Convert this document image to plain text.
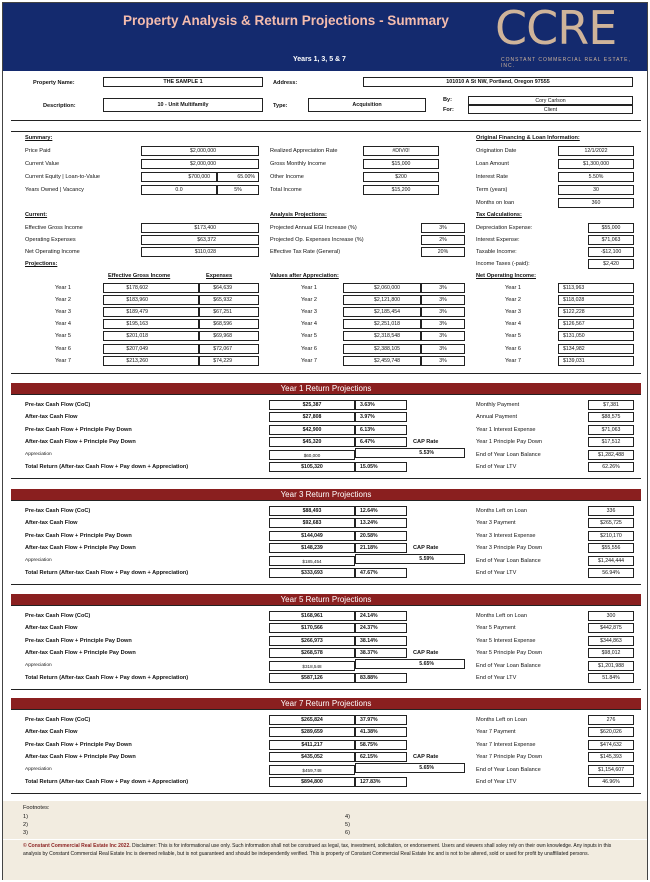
Property Analysis & Return Projections - Summary
Years 1, 3, 5 & 7
CCRE
CONSTANT COMMERCIAL REAL ESTATE, INC.
Property Name:	THE SAMPLE 1	Address:	101010 A St NW, Portland, Oregon 97555
Description:	10 - Unit Multifamily	Type:	Acquisition
By:	Cory Carlson
For:	Client
Summary:
Price Paid	$2,000,000
Current Value	$2,000,000
Current Equity | Loan-to-Value	$700,000	65.00%
Years Owned | Vacancy	0.0	5%
Realized Appreciation Rate	#DIV/0!
Gross Monthly Income	$15,000
Other Income	$200
Total Income	$15,200
Original Financing & Loan Information:
Origination Date	12/1/2022
Loan Amount	$1,300,000
Interest Rate	5.50%
Term (years)	30
Months on loan	360
Current:
Effective Gross Income	$173,400
Operating Expenses	$63,372
Net Operating Income	$110,028
Analysis Projections:
Projected Annual EGI Increase (%)	3%
Projected Op. Expenses Increase (%)	2%
Effective Tax Rate (General)	20%
Tax Calculations:
Depreciation Expense:	$55,000
Interest Expense:	$71,063
Taxable Income:	-$12,100
Income Taxes (-paid):	$2,420
Projections:
Effective Gross Income	Expenses	Values after Appreciation:	Net Operating Income:
Year 1	$178,602	$64,639	Year 1	$2,060,000	3%	Year 1	$113,963
Year 2	$183,960	$65,932	Year 2	$2,121,800	3%	Year 2	$118,028
Year 3	$189,479	$67,251	Year 3	$2,185,454	3%	Year 3	$122,228
Year 4	$195,163	$68,596	Year 4	$2,251,018	3%	Year 4	$126,567
Year 5	$201,018	$69,968	Year 5	$2,318,548	3%	Year 5	$131,050
Year 6	$207,049	$72,067	Year 6	$2,388,105	3%	Year 6	$134,982
Year 7	$213,260	$74,229	Year 7	$2,459,748	3%	Year 7	$139,031
Year 1 Return Projections
Pre-tax Cash Flow (CoC)	$25,387	3.63%	Monthly Payment	$7,381
After-tax Cash Flow	$27,808	3.97%	Annual Payment	$88,575
Pre-tax Cash Flow + Principle Pay Down	$42,900	6.13%	Year 1 Interest Expense	$71,063
After-tax Cash Flow + Principle Pay Down	$45,320	6.47%	Year 1 Principle Pay Down	$17,512
Appreciation	$60,000	End of Year Loan Balance	$1,282,488
Total Return (After-tax Cash Flow + Pay down + Appreciation)	$105,320	15.05%	End of Year LTV	62.26%
CAP Rate
5.53%
Year 3 Return Projections
Pre-tax Cash Flow (CoC)	$88,493	12.64%	Months Left on Loan	336
After-tax Cash Flow	$92,683	13.24%	Year 3 Payment	$265,725
Pre-tax Cash Flow + Principle Pay Down	$144,049	20.58%	Year 3 Interest Expense	$210,170
After-tax Cash Flow + Principle Pay Down	$148,239	21.18%	Year 3 Principle Pay Down	$55,556
Appreciation	$185,454	End of Year Loan Balance	$1,244,444
Total Return (After-tax Cash Flow + Pay down + Appreciation)	$333,693	47.67%	End of Year LTV	56.94%
CAP Rate
5.59%
Year 5 Return Projections
Pre-tax Cash Flow (CoC)	$168,961	24.14%	Months Left on Loan	300
After-tax Cash Flow	$170,566	24.37%	Year 5 Payment	$442,875
Pre-tax Cash Flow + Principle Pay Down	$266,973	38.14%	Year 5 Interest Expense	$344,863
After-tax Cash Flow + Principle Pay Down	$268,578	38.37%	Year 5 Principle Pay Down	$98,012
Appreciation	$318,548	End of Year Loan Balance	$1,201,988
Total Return (After-tax Cash Flow + Pay down + Appreciation)	$587,126	83.88%	End of Year LTV	51.84%
CAP Rate
5.65%
Year 7 Return Projections
Pre-tax Cash Flow (CoC)	$265,824	37.97%	Months Left on Loan	276
After-tax Cash Flow	$289,659	41.38%	Year 7 Payment	$620,026
Pre-tax Cash Flow + Principle Pay Down	$411,217	58.75%	Year 7 Interest Expense	$474,632
After-tax Cash Flow + Principle Pay Down	$435,052	62.15%	Year 7 Principle Pay Down	$145,393
Appreciation	$459,748	End of Year Loan Balance	$1,154,607
Total Return (After-tax Cash Flow + Pay down + Appreciation)	$894,800	127.83%	End of Year LTV	46.96%
CAP Rate
5.65%
Footnotes:
1)
2)
3)
4)
5)
6)
© Constant Commercial Real Estate Inc 2022. Disclaimer: This is for informational use only. Such information shall not be construed as legal, tax, investment, solicitation, or endorsement. Users and viewers shall soley rely on their own knowledge. Any inputs in this analysis by Constant Commercial Real Estate Inc is deemed reliable, but is not guaranteed and should be independently verified. This is property of Constant Commercial Real Estate Inc and is not to be altered, sold or used for profit by unaffiliated persons.
